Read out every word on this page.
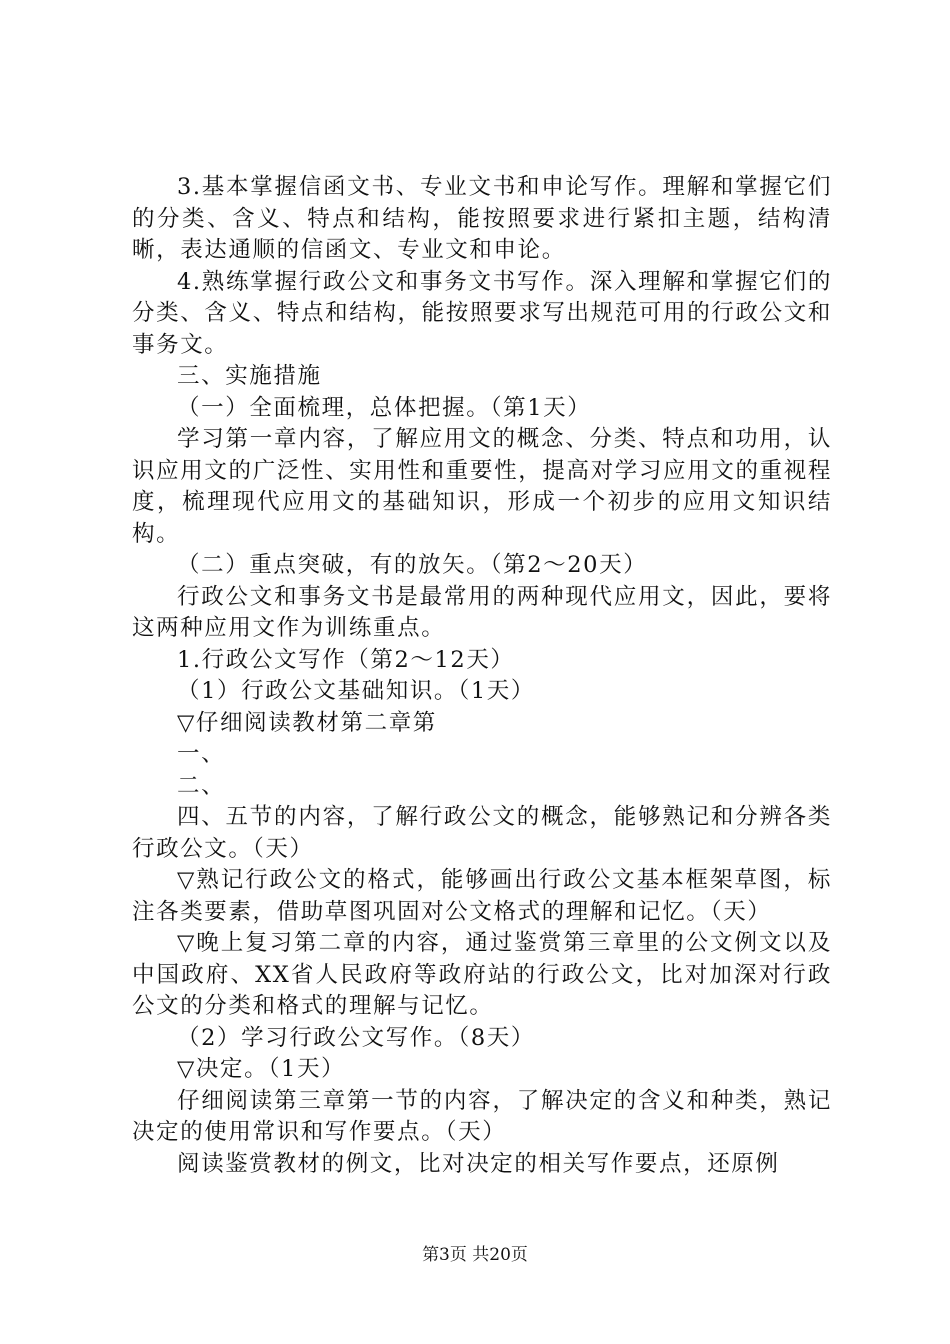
3.基本掌握信函文书、专业文书和申论写作。理解和掌握它们的分类、含义、特点和结构，能按照要求进行紧扣主题，结构清晰，表达通顺的信函文、专业文和申论。

4.熟练掌握行政公文和事务文书写作。深入理解和掌握它们的分类、含义、特点和结构，能按照要求写出规范可用的行政公文和事务文。

三、实施措施

（一）全面梳理，总体把握。（第1天）

学习第一章内容，了解应用文的概念、分类、特点和功用，认识应用文的广泛性、实用性和重要性，提高对学习应用文的重视程度，梳理现代应用文的基础知识，形成一个初步的应用文知识结构。

（二）重点突破，有的放矢。（第2～20天）

行政公文和事务文书是最常用的两种现代应用文，因此，要将这两种应用文作为训练重点。

1.行政公文写作（第2～12天）

（1）行政公文基础知识。（1天）

▽仔细阅读教材第二章第

一、

二、

四、五节的内容，了解行政公文的概念，能够熟记和分辨各类行政公文。（天）

▽熟记行政公文的格式，能够画出行政公文基本框架草图，标注各类要素，借助草图巩固对公文格式的理解和记忆。（天）

▽晚上复习第二章的内容，通过鉴赏第三章里的公文例文以及中国政府、XX省人民政府等政府站的行政公文，比对加深对行政公文的分类和格式的理解与记忆。

（2）学习行政公文写作。（8天）

▽决定。（1天）

仔细阅读第三章第一节的内容，了解决定的含义和种类，熟记决定的使用常识和写作要点。（天）

阅读鉴赏教材的例文，比对决定的相关写作要点，还原例

第3页 共20页
